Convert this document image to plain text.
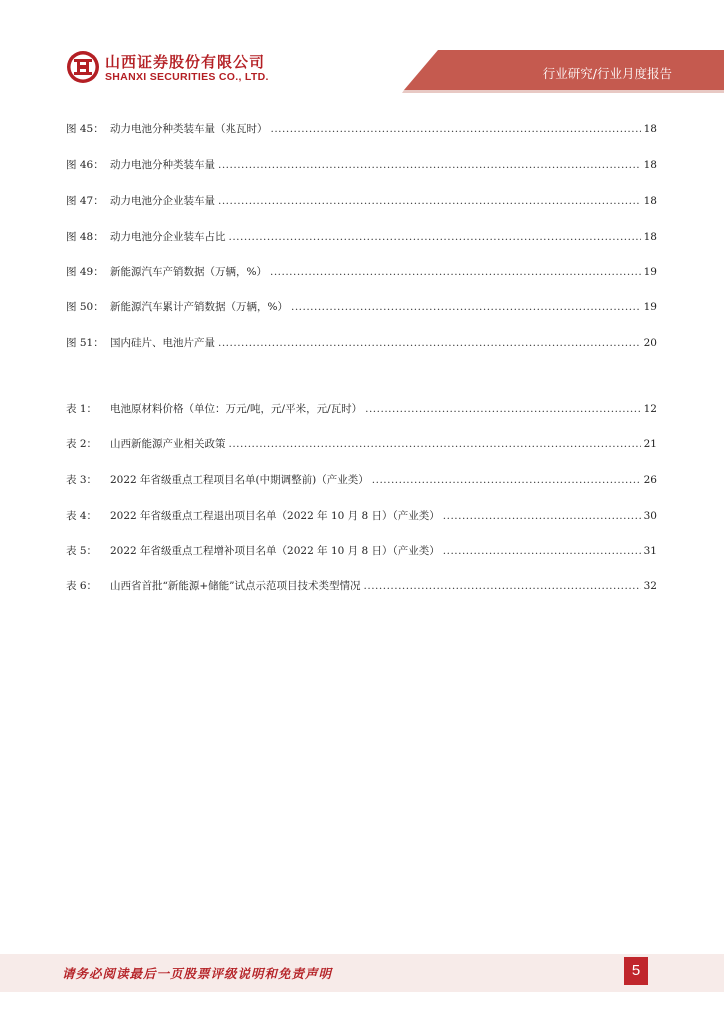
山西证券股份有限公司
SHANXI SECURITIES CO., LTD.	行业研究/行业月度报告
图 45： 动力电池分种类装车量（兆瓦时） .....	18
图 46： 动力电池分种类装车量 .....	18
图 47： 动力电池分企业装车量 .....	18
图 48： 动力电池分企业装车占比 .....	18
图 49： 新能源汽车产销数据（万辆，%） .....	19
图 50： 新能源汽车累计产销数据（万辆，%） .....	19
图 51： 国内硅片、电池片产量 .....	20
表 1：	电池原材料价格（单位：万元/吨，元/平米，元/瓦时） .....	12
表 2：	山西新能源产业相关政策 .....	21
表 3：	2022 年省级重点工程项目名单(中期调整前)（产业类） .....	26
表 4：	2022 年省级重点工程退出项目名单（2022 年 10 月 8 日）（产业类） .....	30
表 5：	2022 年省级重点工程增补项目名单（2022 年 10 月 8 日）（产业类） .....	31
表 6：	山西省首批“新能源+储能”试点示范项目技术类型情况 .....	32
请务必阅读最后一页股票评级说明和免责声明	5
